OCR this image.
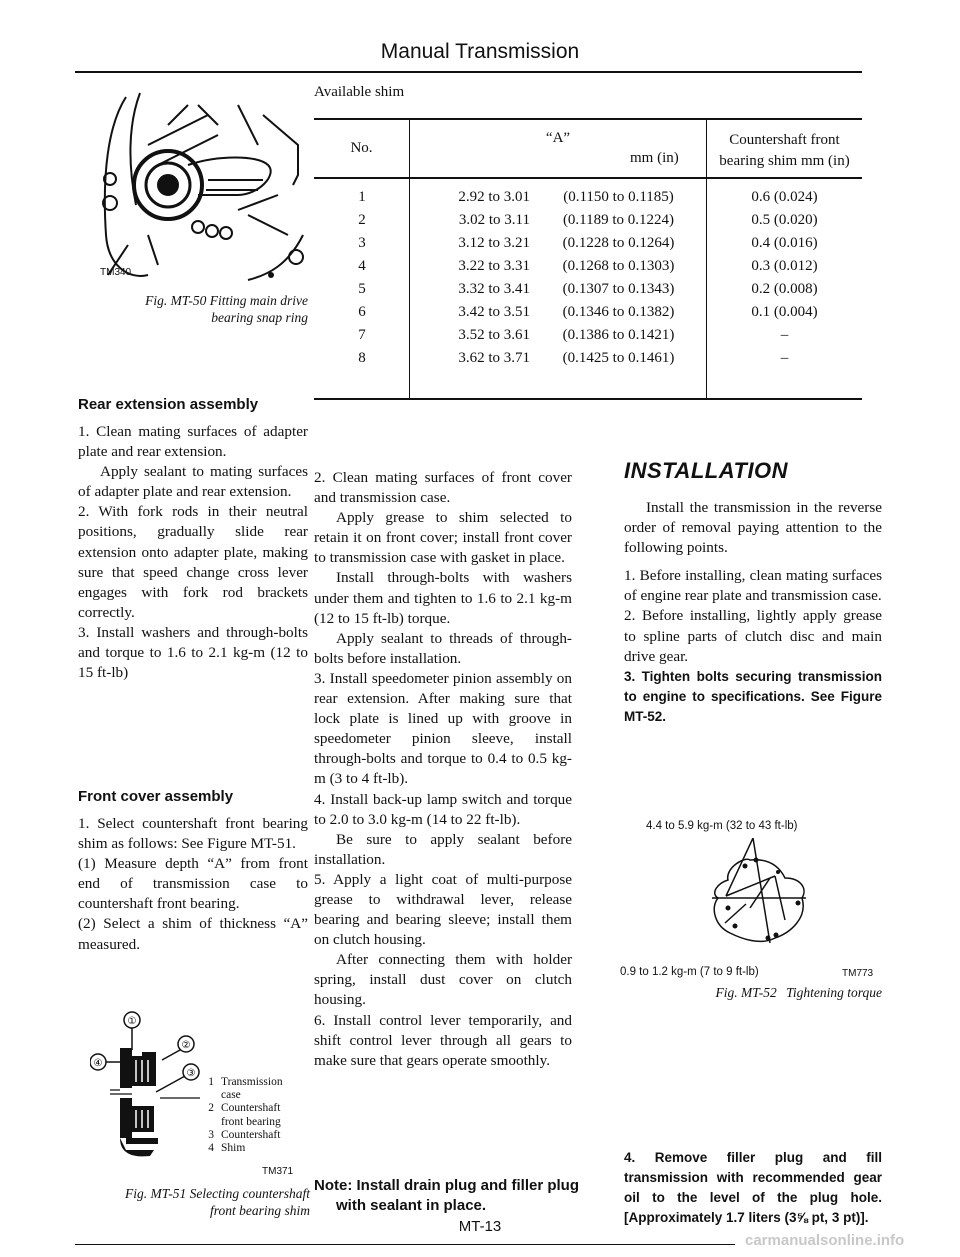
Manual Transmission
TM340
Fig. MT-50 Fitting main drive
bearing snap ring
Rear extension assembly

1. Clean mating surfaces of adapter plate and rear extension.

Apply sealant to mating surfaces of adapter plate and rear extension.

2. With fork rods in their neutral positions, gradually slide rear extension onto adapter plate, making sure that speed change cross lever engages with fork rod brackets correctly.

3. Install washers and through-bolts and torque to 1.6 to 2.1 kg-m (12 to 15 ft-lb)

Front cover assembly

1. Select countershaft front bearing shim as follows: See Figure MT-51.

(1) Measure depth “A” from front end of transmission case to countershaft front bearing.

(2) Select a shim of thickness “A” measured.

①
②
③
④
1 Transmission case
2 Countershaft front bearing
3 Countershaft
4 Shim
TM371
Fig. MT-51 Selecting countershaft
front bearing shim
Available shim
No.
“A”
mm (in)
Countershaft front
bearing shim mm (in)
1	2.92 to 3.01	(0.1150 to 0.1185)	0.6 (0.024)
2	3.02 to 3.11	(0.1189 to 0.1224)	0.5 (0.020)
3	3.12 to 3.21	(0.1228 to 0.1264)	0.4 (0.016)
4	3.22 to 3.31	(0.1268 to 0.1303)	0.3 (0.012)
5	3.32 to 3.41	(0.1307 to 0.1343)	0.2 (0.008)
6	3.42 to 3.51	(0.1346 to 0.1382)	0.1 (0.004)
7	3.52 to 3.61	(0.1386 to 0.1421)	–
8	3.62 to 3.71	(0.1425 to 0.1461)	–

2. Clean mating surfaces of front cover and transmission case.

Apply grease to shim selected to retain it on front cover; install front cover to transmission case with gasket in place.

Install through-bolts with washers under them and tighten to 1.6 to 2.1 kg-m (12 to 15 ft-lb) torque.

Apply sealant to threads of through-bolts before installation.

3. Install speedometer pinion assembly on rear extension. After making sure that lock plate is lined up with groove in speedometer pinion sleeve, install through-bolts and torque to 0.4 to 0.5 kg-m (3 to 4 ft-lb).

4. Install back-up lamp switch and torque to 2.0 to 3.0 kg-m (14 to 22 ft-lb).

Be sure to apply sealant before installation.

5. Apply a light coat of multi-purpose grease to withdrawal lever, release bearing and bearing sleeve; install them on clutch housing.

After connecting them with holder spring, install dust cover on clutch housing.

6. Install control lever temporarily, and shift control lever through all gears to make sure that gears operate smoothly.

Note: Install drain plug and filler plug
with sealant in place.
MT-13
INSTALLATION

Install the transmission in the reverse order of removal paying attention to the following points.

1. Before installing, clean mating surfaces of engine rear plate and transmission case.

2. Before installing, lightly apply grease to spline parts of clutch disc and main drive gear.

3. Tighten bolts securing transmission to engine to specifications. See Figure MT-52.

4.4 to 5.9 kg-m (32 to 43 ft-lb)
0.9 to 1.2 kg-m (7 to 9 ft-lb)	TM773
Fig. MT-52 Tightening torque
4. Remove filler plug and fill transmission with recommended gear oil to the level of the plug hole. [Approximately 1.7 liters (3⅝ pt, 3 pt)].
carmanualsonline.info
